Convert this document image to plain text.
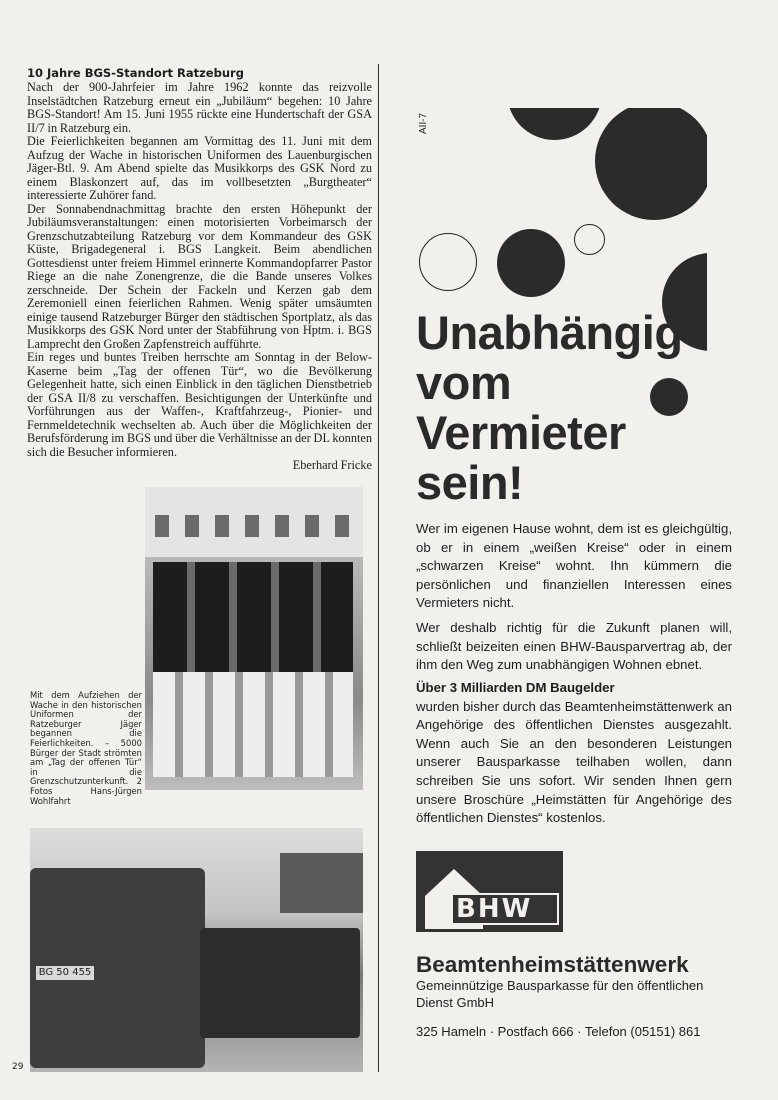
10 Jahre BGS-Standort Ratzeburg

Nach der 900-Jahrfeier im Jahre 1962 konnte das reizvolle Inselstädtchen Ratzeburg erneut ein „Jubiläum“ begehen: 10 Jahre BGS-Standort! Am 15. Juni 1955 rückte eine Hundertschaft der GSA II/7 in Ratzeburg ein.

Die Feierlichkeiten begannen am Vormittag des 11. Juni mit dem Aufzug der Wache in historischen Uniformen des Lauenburgischen Jäger-Btl. 9. Am Abend spielte das Musikkorps des GSK Nord zu einem Blaskonzert auf, das im vollbesetzten „Burgtheater“ interessierte Zuhörer fand.

Der Sonnabendnachmittag brachte den ersten Höhepunkt der Jubiläumsveranstaltungen: einen motorisierten Vorbeimarsch der Grenzschutzabteilung Ratzeburg vor dem Kommandeur des GSK Küste, Brigadegeneral i. BGS Langkeit. Beim abendlichen Gottesdienst unter freiem Himmel erinnerte Kommandopfarrer Pastor Riege an die nahe Zonengrenze, die die Bande unseres Volkes zerschneide. Der Schein der Fackeln und Kerzen gab dem Zeremoniell einen feierlichen Rahmen. Wenig später umsäumten einige tausend Ratzeburger Bürger den städtischen Sportplatz, als das Musikkorps des GSK Nord unter der Stabführung von Hptm. i. BGS Lamprecht den Großen Zapfenstreich aufführte.

Ein reges und buntes Treiben herrschte am Sonntag in der Below-Kaserne beim „Tag der offenen Tür“, wo die Bevölkerung Gelegenheit hatte, sich einen Einblick in den täglichen Dienstbetrieb der GSA II/8 zu verschaffen. Besichtigungen der Unterkünfte und Vorführungen aus der Waffen-, Kraftfahrzeug-, Pionier- und Fernmeldetechnik wechselten ab. Auch über die Möglichkeiten der Berufsförderung im BGS und über die Verhältnisse an der DL konnten sich die Besucher informieren.

Eberhard Fricke

Mit dem Aufziehen der Wache in den historischen Uniformen der Ratzeburger Jäger begannen die Feierlichkeiten. – 5000 Bürger der Stadt strömten am „Tag der offenen Tür“ in die Grenzschutzunterkunft. 2 Fotos Hans-Jürgen Wohlfahrt
BG 50 455
29
AII-7
Unabhängig
vom
Vermieter
sein!

Wer im eigenen Hause wohnt, dem ist es gleichgültig, ob er in einem „weißen Kreise“ oder in einem „schwarzen Kreise“ wohnt. Ihn kümmern die persönlichen und finanziellen Interessen eines Vermieters nicht.

Wer deshalb richtig für die Zukunft planen will, schließt beizeiten einen BHW-Bausparvertrag ab, der ihm den Weg zum unabhängigen Wohnen ebnet.

Über 3 Milliarden DM Baugelder
wurden bisher durch das Beamtenheimstättenwerk an Angehörige des öffentlichen Dienstes ausgezahlt. Wenn auch Sie an den besonderen Leistungen unserer Bausparkasse teilhaben wollen, dann schreiben Sie uns sofort. Wir senden Ihnen gern unsere Broschüre „Heimstätten für Angehörige des öffentlichen Dienstes“ kostenlos.
BHW
Beamtenheimstättenwerk
Gemeinnützige Bausparkasse für den öffentlichen Dienst GmbH
325 Hameln · Postfach 666 · Telefon (05151) 861
